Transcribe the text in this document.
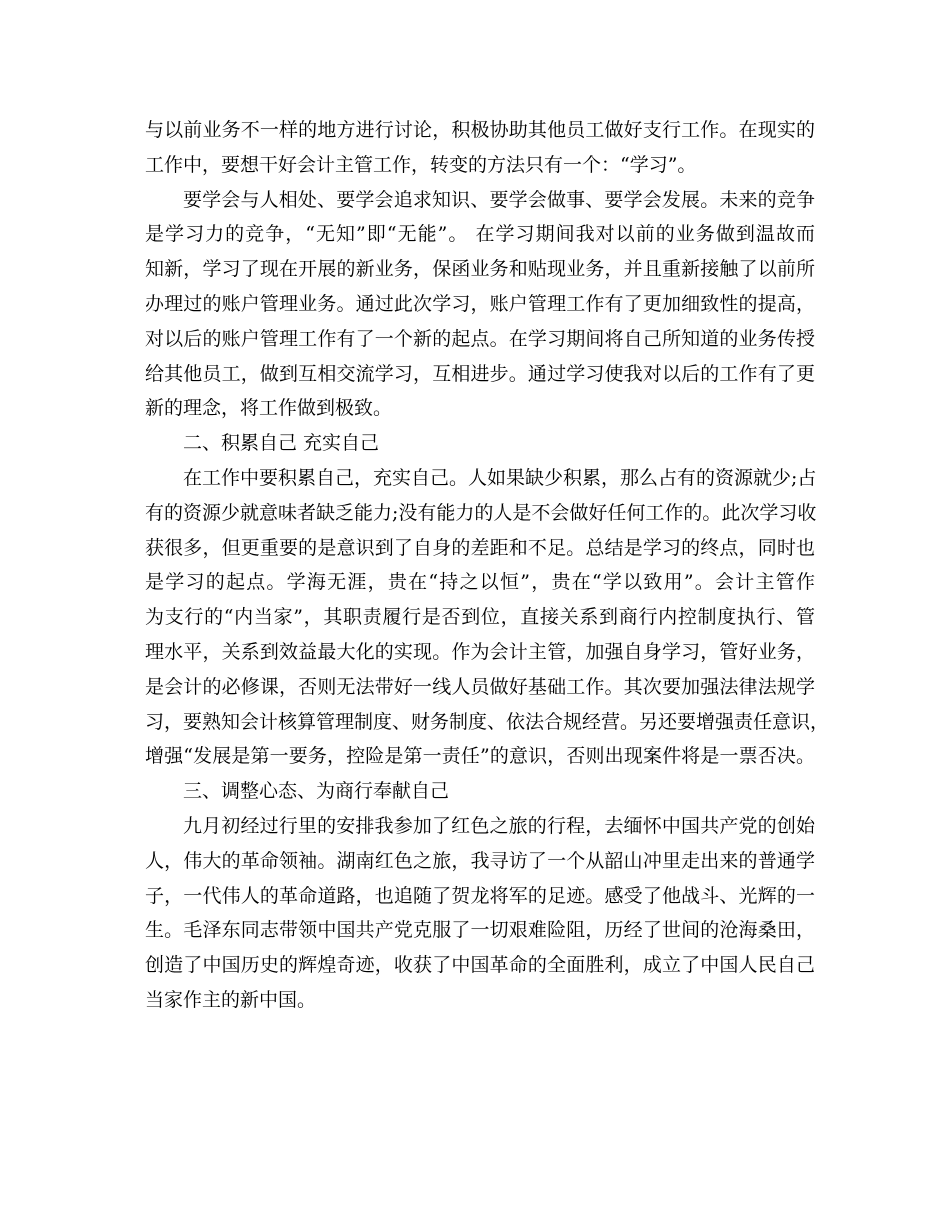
与以前业务不一样的地方进行讨论，积极协助其他员工做好支行工作。在现实的
工作中，要想干好会计主管工作，转变的方法只有一个：“学习”。
要学会与人相处、要学会追求知识、要学会做事、要学会发展。未来的竞争
是学习力的竞争，“无知”即“无能”。 在学习期间我对以前的业务做到温故而
知新，学习了现在开展的新业务，保函业务和贴现业务，并且重新接触了以前所
办理过的账户管理业务。通过此次学习，账户管理工作有了更加细致性的提高，
对以后的账户管理工作有了一个新的起点。在学习期间将自己所知道的业务传授
给其他员工，做到互相交流学习，互相进步。通过学习使我对以后的工作有了更
新的理念，将工作做到极致。
二、积累自己 充实自己
在工作中要积累自己，充实自己。人如果缺少积累，那么占有的资源就少;占
有的资源少就意味者缺乏能力;没有能力的人是不会做好任何工作的。此次学习收
获很多，但更重要的是意识到了自身的差距和不足。总结是学习的终点，同时也
是学习的起点。学海无涯，贵在“持之以恒”，贵在“学以致用”。会计主管作
为支行的“内当家”，其职责履行是否到位，直接关系到商行内控制度执行、管
理水平，关系到效益最大化的实现。作为会计主管，加强自身学习，管好业务，
是会计的必修课，否则无法带好一线人员做好基础工作。其次要加强法律法规学
习，要熟知会计核算管理制度、财务制度、依法合规经营。另还要增强责任意识，
增强“发展是第一要务，控险是第一责任”的意识，否则出现案件将是一票否决。
三、调整心态、为商行奉献自己
九月初经过行里的安排我参加了红色之旅的行程，去缅怀中国共产党的创始
人，伟大的革命领袖。湖南红色之旅，我寻访了一个从韶山冲里走出来的普通学
子，一代伟人的革命道路，也追随了贺龙将军的足迹。感受了他战斗、光辉的一
生。毛泽东同志带领中国共产党克服了一切艰难险阻，历经了世间的沧海桑田，
创造了中国历史的辉煌奇迹，收获了中国革命的全面胜利，成立了中国人民自己
当家作主的新中国。
